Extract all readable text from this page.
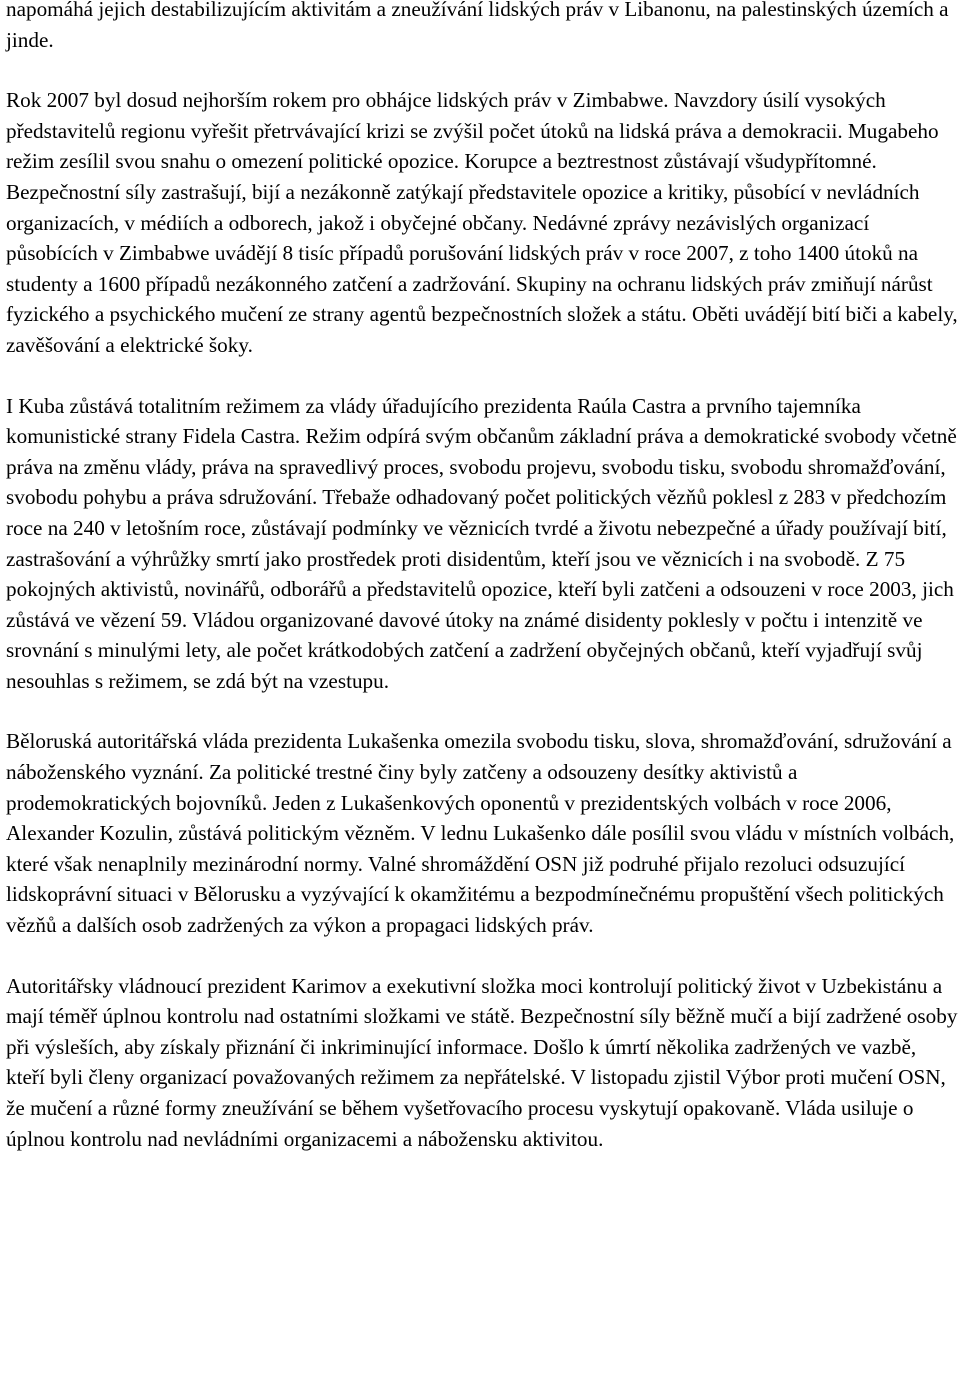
napomáhá jejich destabilizujícím aktivitám a zneužívání lidských práv v Libanonu, na palestinských územích a jinde.

Rok 2007 byl dosud nejhorším rokem pro obhájce lidských práv v Zimbabwe. Navzdory úsilí vysokých představitelů regionu vyřešit přetrvávající krizi se zvýšil počet útoků na lidská práva a demokracii. Mugabeho režim zesílil svou snahu o omezení politické opozice. Korupce a beztrestnost zůstávají všudypřítomné. Bezpečnostní síly zastrašují, bijí a nezákonně zatýkají představitele opozice a kritiky, působící v nevládních organizacích, v médiích a odborech, jakož i obyčejné občany. Nedávné zprávy nezávislých organizací působících v Zimbabwe uvádějí 8 tisíc případů porušování lidských práv v roce 2007, z toho 1400 útoků na studenty a 1600 případů nezákonného zatčení a zadržování. Skupiny na ochranu lidských práv zmiňují nárůst fyzického a psychického mučení ze strany agentů bezpečnostních složek a státu. Oběti uvádějí bití biči a kabely, zavěšování a elektrické šoky.

I Kuba zůstává totalitním režimem za vlády úřadujícího prezidenta Raúla Castra a prvního tajemníka komunistické strany Fidela Castra. Režim odpírá svým občanům základní práva a demokratické svobody včetně práva na změnu vlády, práva na spravedlivý proces, svobodu projevu, svobodu tisku, svobodu shromažďování, svobodu pohybu a práva sdružování. Třebaže odhadovaný počet politických vězňů poklesl z 283 v předchozím roce na 240 v letošním roce, zůstávají podmínky ve věznicích tvrdé a životu nebezpečné a úřady používají bití, zastrašování a výhrůžky smrtí jako prostředek proti disidentům, kteří jsou ve věznicích i na svobodě. Z 75 pokojných aktivistů, novinářů, odborářů a představitelů opozice, kteří byli zatčeni a odsouzeni v roce 2003, jich zůstává ve vězení 59. Vládou organizované davové útoky na známé disidenty poklesly v počtu i intenzitě ve srovnání s minulými lety, ale počet krátkodobých zatčení a zadržení obyčejných občanů, kteří vyjadřují svůj nesouhlas s režimem, se zdá být na vzestupu.

Běloruská autoritářská vláda prezidenta Lukašenka omezila svobodu tisku, slova, shromažďování, sdružování a náboženského vyznání. Za politické trestné činy byly zatčeny a odsouzeny desítky aktivistů a prodemokratických bojovníků. Jeden z Lukašenkových oponentů v prezidentských volbách v roce 2006, Alexander Kozulin, zůstává politickým vězněm. V lednu Lukašenko dále posílil svou vládu v místních volbách, které však nenaplnily mezinárodní normy. Valné shromáždění OSN již podruhé přijalo rezoluci odsuzující lidskoprávní situaci v Bělorusku a vyzývající k okamžitému a bezpodmínečnému propuštění všech politických vězňů a dalších osob zadržených za výkon a propagaci lidských práv.

Autoritářsky vládnoucí prezident Karimov a exekutivní složka moci kontrolují politický život v Uzbekistánu a mají téměř úplnou kontrolu nad ostatními složkami ve státě. Bezpečnostní síly běžně mučí a bijí zadržené osoby při výsleších, aby získaly přiznání či inkriminující informace. Došlo k úmrtí několika zadržených ve vazbě, kteří byli členy organizací považovaných režimem za nepřátelské. V listopadu zjistil Výbor proti mučení OSN, že mučení a různé formy zneužívání se během vyšetřovacího procesu vyskytují opakovaně. Vláda usiluje o úplnou kontrolu nad nevládními organizacemi a nábožensku aktivitou.
